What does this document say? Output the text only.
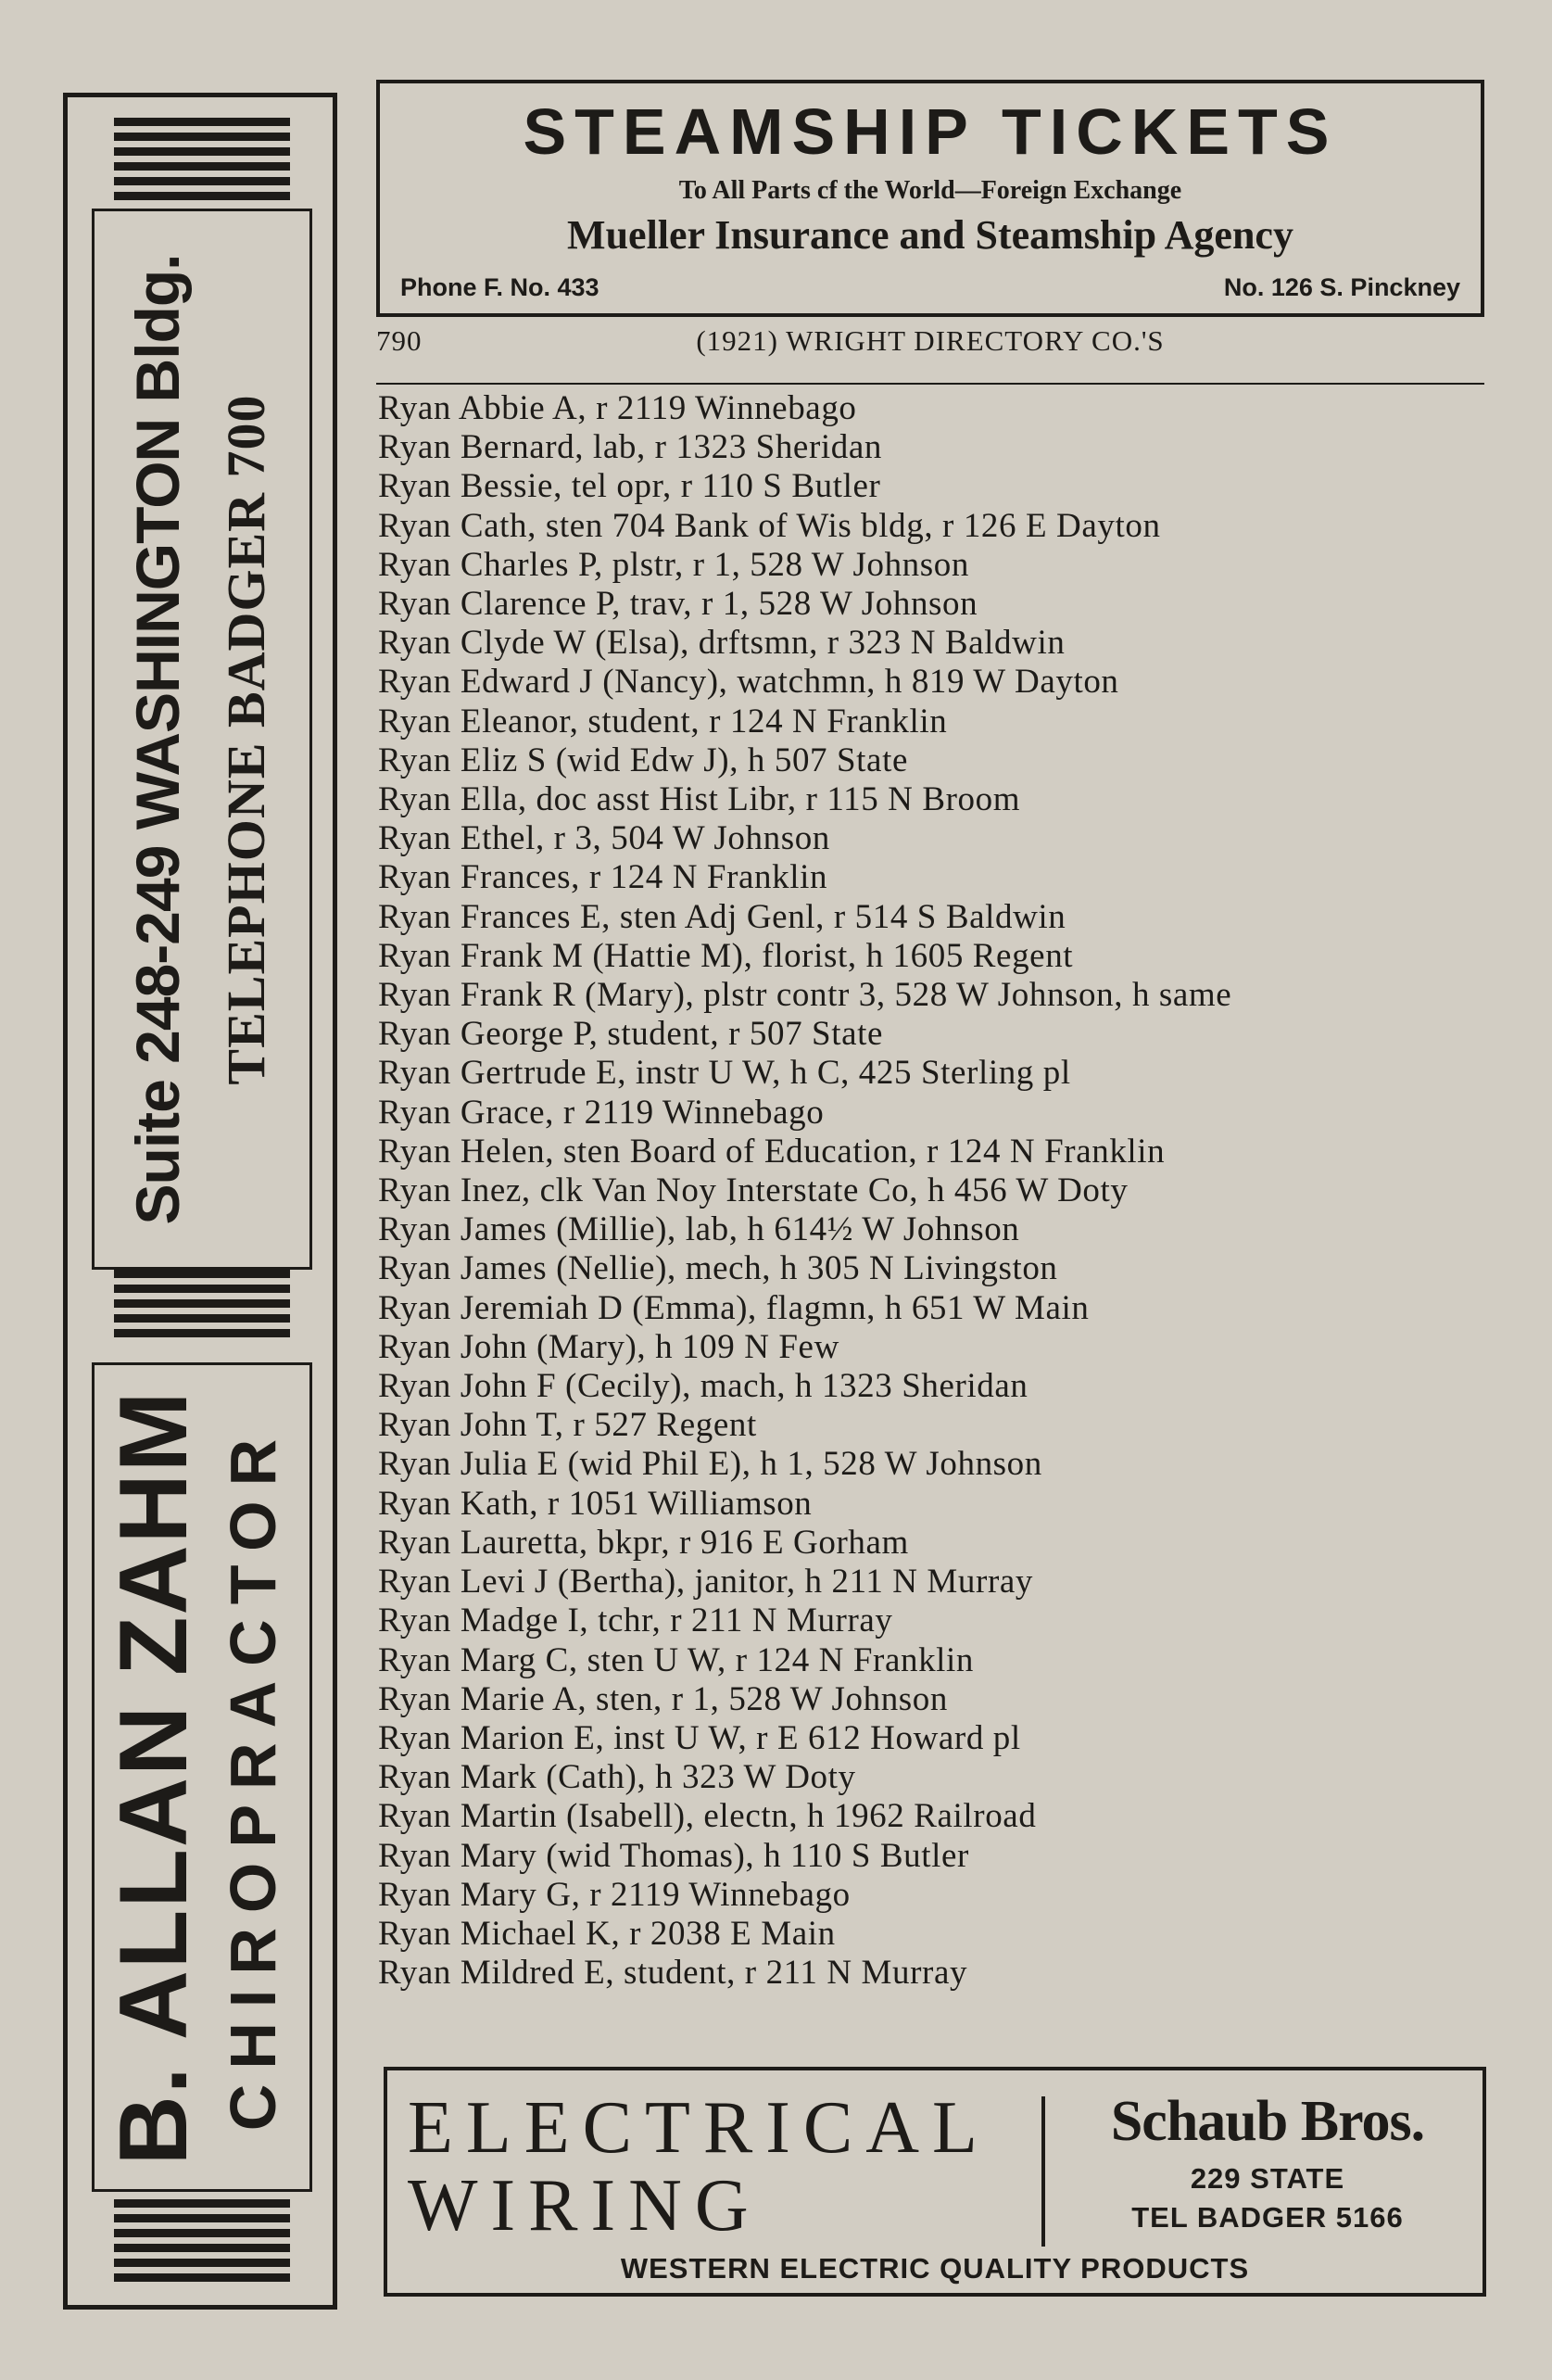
Suite 248-249 WASHINGTON Bldg. TELEPHONE BADGER 700
B. ALLAN ZAHM CHIROPRACTOR
STEAMSHIP TICKETS
To All Parts cf the World—Foreign Exchange
Mueller Insurance and Steamship Agency
Phone F. No. 433	No. 126 S. Pinckney
790	(1921) WRIGHT DIRECTORY CO.'S
Ryan Abbie A, r 2119 Winnebago
Ryan Bernard, lab, r 1323 Sheridan
Ryan Bessie, tel opr, r 110 S Butler
Ryan Cath, sten 704 Bank of Wis bldg, r 126 E Dayton
Ryan Charles P, plstr, r 1, 528 W Johnson
Ryan Clarence P, trav, r 1, 528 W Johnson
Ryan Clyde W (Elsa), drftsmn, r 323 N Baldwin
Ryan Edward J (Nancy), watchmn, h 819 W Dayton
Ryan Eleanor, student, r 124 N Franklin
Ryan Eliz S (wid Edw J), h 507 State
Ryan Ella, doc asst Hist Libr, r 115 N Broom
Ryan Ethel, r 3, 504 W Johnson
Ryan Frances, r 124 N Franklin
Ryan Frances E, sten Adj Genl, r 514 S Baldwin
Ryan Frank M (Hattie M), florist, h 1605 Regent
Ryan Frank R (Mary), plstr contr 3, 528 W Johnson, h same
Ryan George P, student, r 507 State
Ryan Gertrude E, instr U W, h C, 425 Sterling pl
Ryan Grace, r 2119 Winnebago
Ryan Helen, sten Board of Education, r 124 N Franklin
Ryan Inez, clk Van Noy Interstate Co, h 456 W Doty
Ryan James (Millie), lab, h 614½ W Johnson
Ryan James (Nellie), mech, h 305 N Livingston
Ryan Jeremiah D (Emma), flagmn, h 651 W Main
Ryan John (Mary), h 109 N Few
Ryan John F (Cecily), mach, h 1323 Sheridan
Ryan John T, r 527 Regent
Ryan Julia E (wid Phil E), h 1, 528 W Johnson
Ryan Kath, r 1051 Williamson
Ryan Lauretta, bkpr, r 916 E Gorham
Ryan Levi J (Bertha), janitor, h 211 N Murray
Ryan Madge I, tchr, r 211 N Murray
Ryan Marg C, sten U W, r 124 N Franklin
Ryan Marie A, sten, r 1, 528 W Johnson
Ryan Marion E, inst U W, r E 612 Howard pl
Ryan Mark (Cath), h 323 W Doty
Ryan Martin (Isabell), electn, h 1962 Railroad
Ryan Mary (wid Thomas), h 110 S Butler
Ryan Mary G, r 2119 Winnebago
Ryan Michael K, r 2038 E Main
Ryan Mildred E, student, r 211 N Murray
ELECTRICAL
WIRING
Schaub Bros.
229 STATE
TEL BADGER 5166
WESTERN ELECTRIC QUALITY PRODUCTS
